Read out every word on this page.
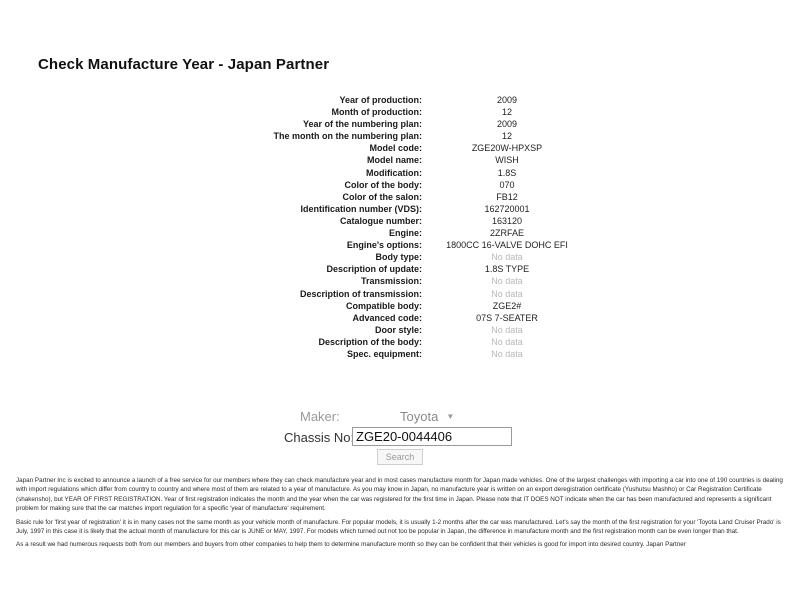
Check Manufacture Year - Japan Partner
Year of production:	2009
Month of production:	12
Year of the numbering plan:	2009
The month on the numbering plan:	12
Model code:	ZGE20W-HPXSP
Model name:	WISH
Modification:	1.8S
Color of the body:	070
Color of the salon:	FB12
Identification number (VDS):	162720001
Catalogue number:	163120
Engine:	2ZRFAE
Engine's options:	1800CC 16-VALVE DOHC EFI
Body type:	No data
Description of update:	1.8S TYPE
Transmission:	No data
Description of transmission:	No data
Compatible body:	ZGE2#
Advanced code:	07S 7-SEATER
Door style:	No data
Description of the body:	No data
Spec. equipment:	No data
Maker:	Toyota ▼
Chassis No: ZGE20-0044406
Search

Japan Partner Inc is excited to announce a launch of a free service for our members where they can check manufacture year and in most cases manufacture month for Japan made vehicles. One of the largest challenges with importing a car into one of 190 countries is dealing with import regulations which differ from country to country and where most of them are related to a year of manufacture. As you may know in Japan, no manufacture year is written on an export deregistration certificate (Yushutsu Mashho) or Car Registration Certificate (shakensho), but YEAR OF FIRST REGISTRATION. Year of first registration indicates the month and the year when the car was registered for the first time in Japan. Please note that IT DOES NOT indicate when the car has been manufactured and represents a significant problem for making sure that the car matches import regulation for a specific 'year of manufacture' requirement.

Basic rule for 'first year of registration' it is in many cases not the same month as your vehicle month of manufacture. For popular models, it is usually 1-2 months after the car was manufactured. Let's say the month of the first registration for your 'Toyota Land Cruiser Prado' is July, 1997 in this case it is likely that the actual month of manufacture for this car is JUNE or MAY, 1997. For models which turned out not too be popular in Japan, the difference in manufacture month and the first registration month can be even longer than that.

As a result we had numerous requests both from our members and buyers from other companies to help them to determine manufacture month so they can be confident that their vehicles is good for import into desired country. Japan Partner
